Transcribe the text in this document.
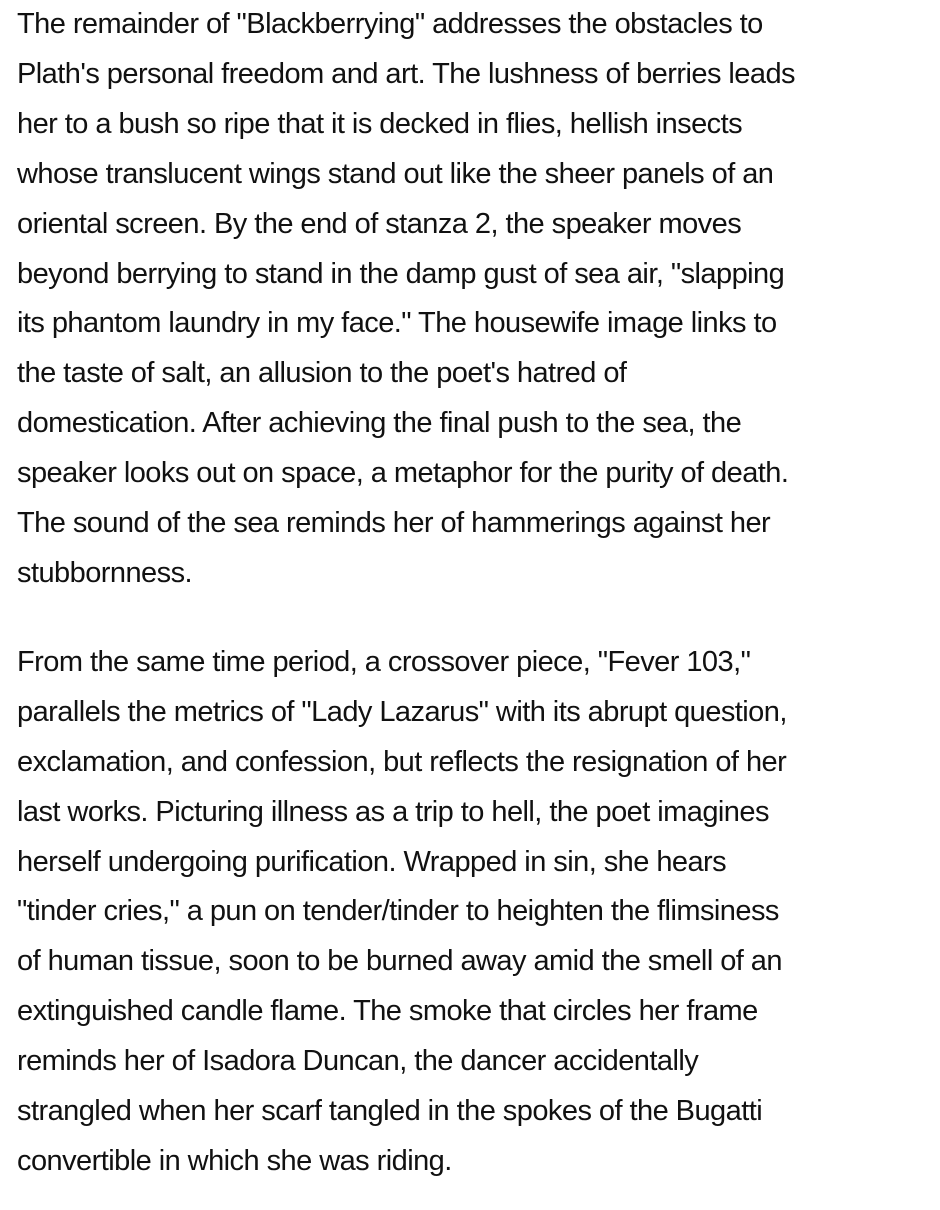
The remainder of "Blackberrying" addresses the obstacles to
Plath's personal freedom and art. The lushness of berries leads
her to a bush so ripe that it is decked in flies, hellish insects
whose translucent wings stand out like the sheer panels of an
oriental screen. By the end of stanza 2, the speaker moves
beyond berrying to stand in the damp gust of sea air, "slapping
its phantom laundry in my face." The housewife image links to
the taste of salt, an allusion to the poet's hatred of
domestication. After achieving the final push to the sea, the
speaker looks out on space, a metaphor for the purity of death.
The sound of the sea reminds her of hammerings against her
stubbornness.

From the same time period, a crossover piece, "Fever 103,"
parallels the metrics of "Lady Lazarus" with its abrupt question,
exclamation, and confession, but reflects the resignation of her
last works. Picturing illness as a trip to hell, the poet imagines
herself undergoing purification. Wrapped in sin, she hears
"tinder cries," a pun on tender/tinder to heighten the flimsiness
of human tissue, soon to be burned away amid the smell of an
extinguished candle flame. The smoke that circles her frame
reminds her of Isadora Duncan, the dancer accidentally
strangled when her scarf tangled in the spokes of the Bugatti
convertible in which she was riding.
